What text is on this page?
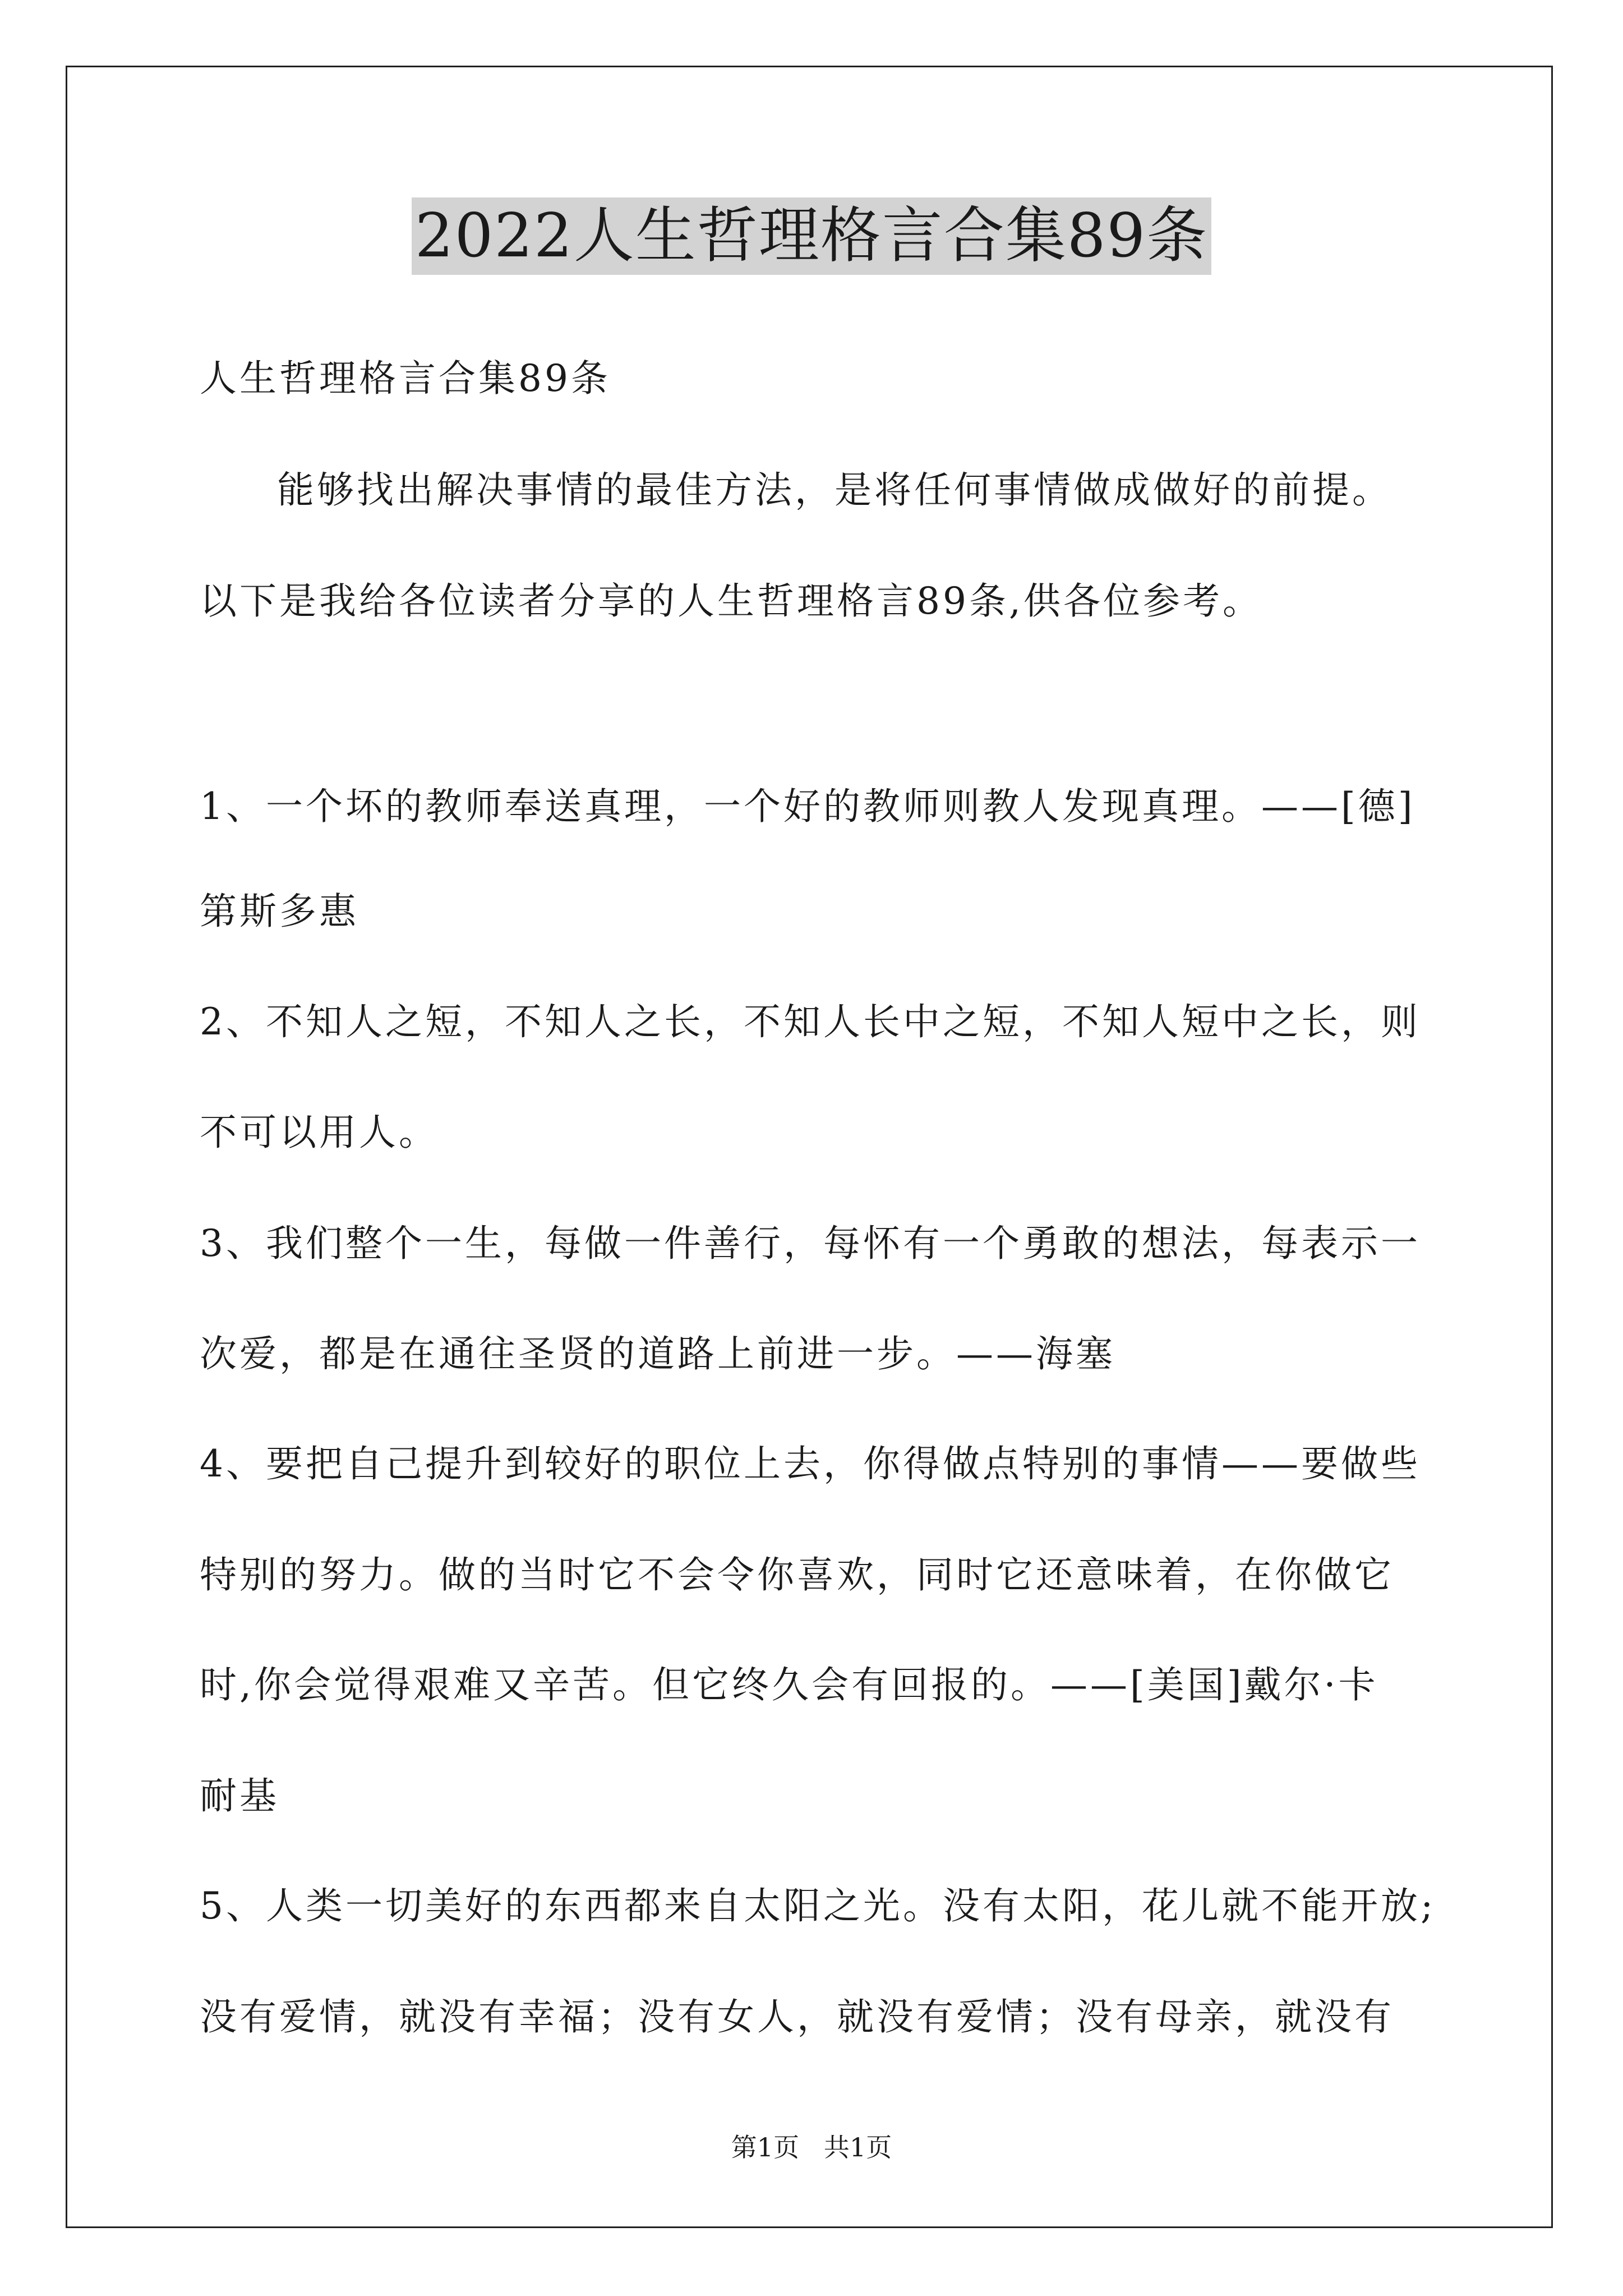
2022人生哲理格言合集89条
人生哲理格言合集89条
能够找出解决事情的最佳方法，是将任何事情做成做好的前提。
以下是我给各位读者分享的人生哲理格言89条,供各位参考。
1、一个坏的教师奉送真理，一个好的教师则教人发现真理。——[德]
第斯多惠
2、不知人之短，不知人之长，不知人长中之短，不知人短中之长，则
不可以用人。
3、我们整个一生，每做一件善行，每怀有一个勇敢的想法，每表示一
次爱，都是在通往圣贤的道路上前进一步。——海塞
4、要把自己提升到较好的职位上去，你得做点特别的事情——要做些
特别的努力。做的当时它不会令你喜欢，同时它还意味着，在你做它
时,你会觉得艰难又辛苦。但它终久会有回报的。——[美国]戴尔·卡
耐基
5、人类一切美好的东西都来自太阳之光。没有太阳，花儿就不能开放;
没有爱情，就没有幸福；没有女人，就没有爱情；没有母亲，就没有
第1页   共1页
